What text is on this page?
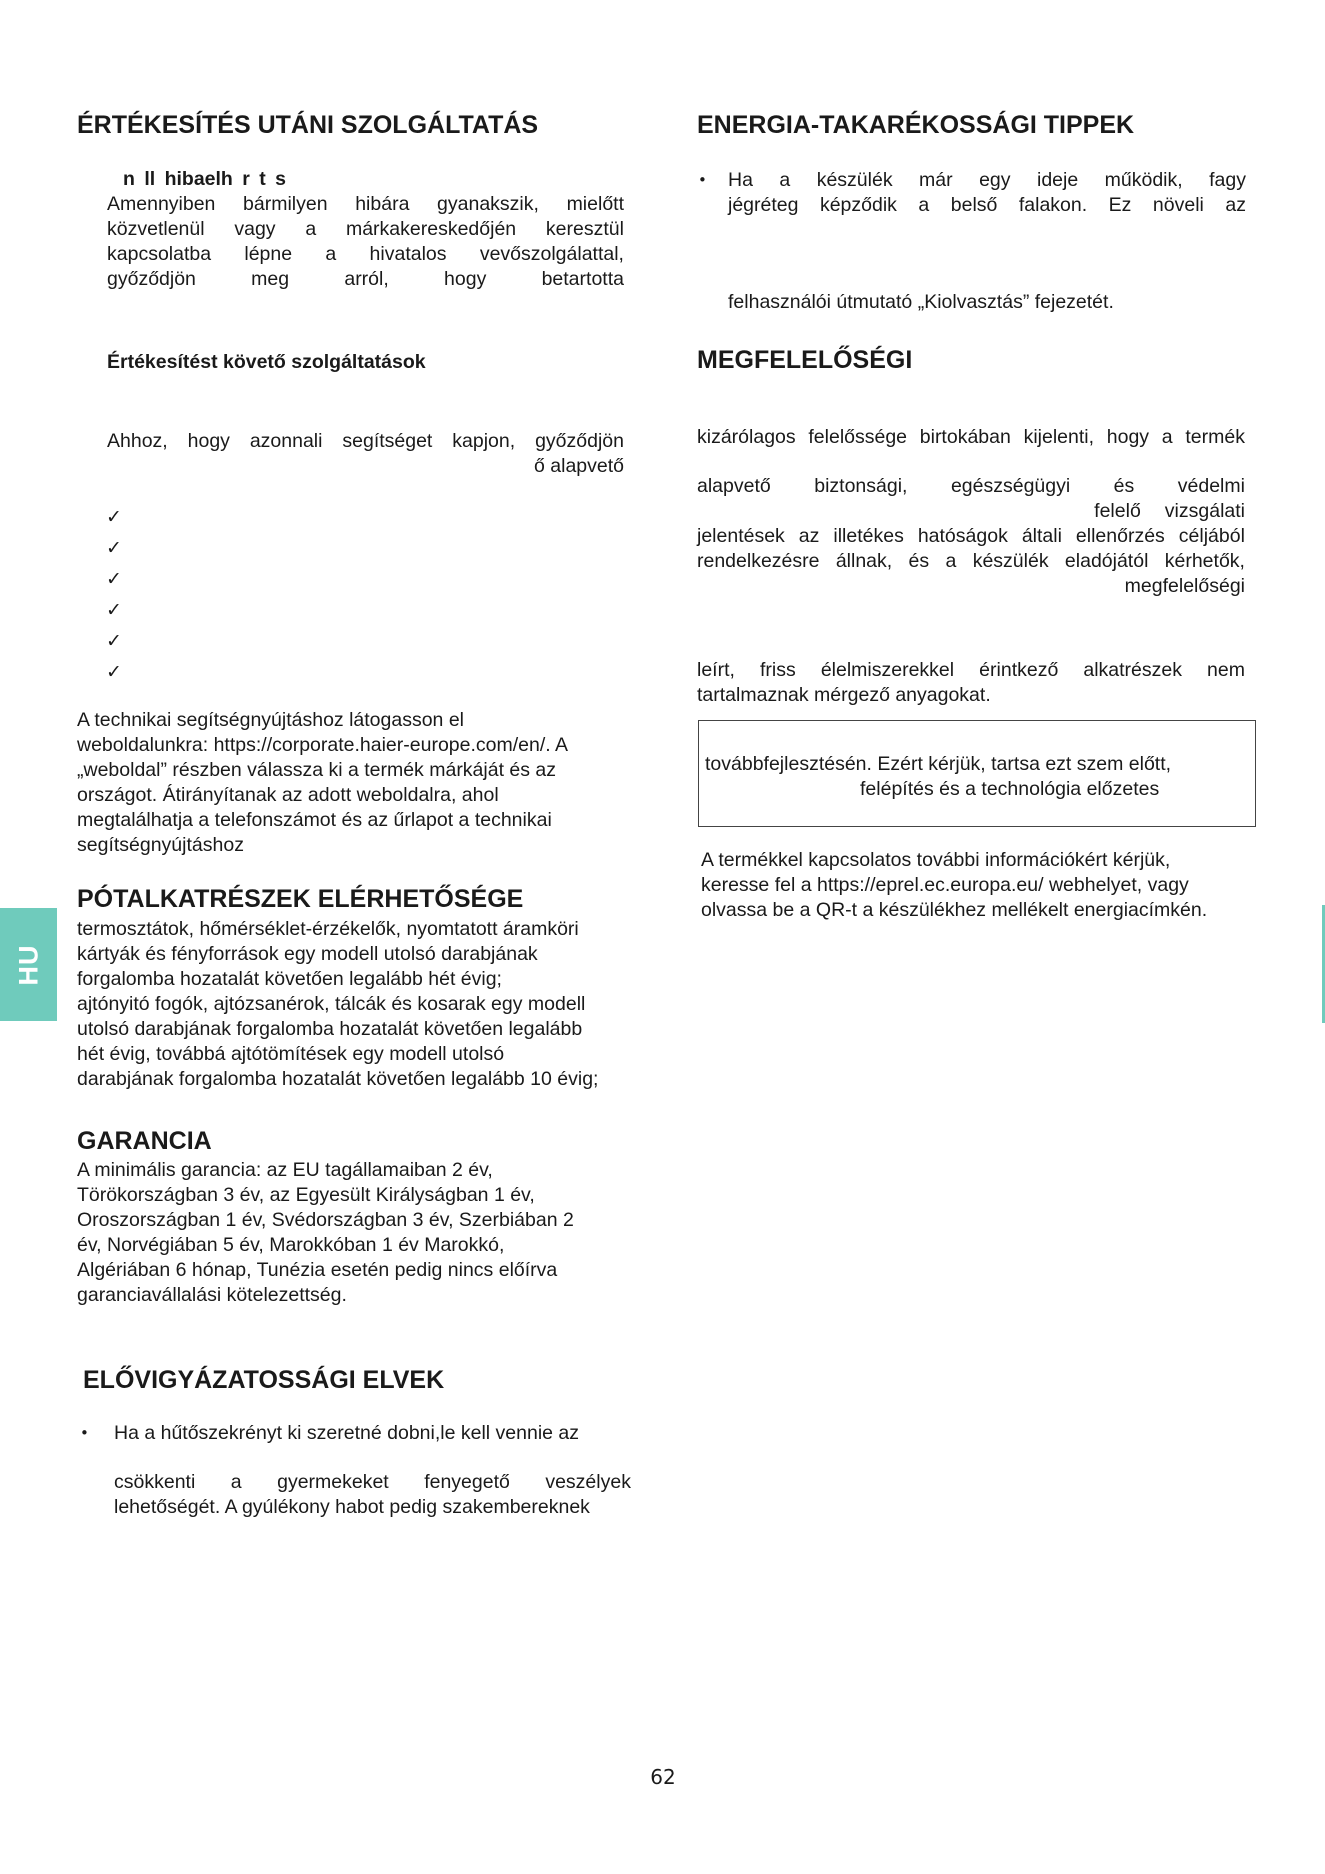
HU
ÉRTÉKESÍTÉS UTÁNI SZOLGÁLTATÁS
n ll hibaelh r t s
Amennyiben bármilyen hibára gyanakszik, mielőtt
közvetlenül vagy a márkakereskedőjén keresztül
kapcsolatba lépne a hivatalos vevőszolgálattal,
győződjön	meg	arról,	hogy	betartotta
Értékesítést követő szolgáltatások
Ahhoz, hogy azonnali segítséget kapjon, győződjön
ő alapvető
✓
✓
✓
✓
✓
✓
A technikai segítségnyújtáshoz látogasson el
weboldalunkra: https://corporate.haier-europe.com/en/. A
„weboldal” részben válassza ki a termék márkáját és az
országot. Átirányítanak az adott weboldalra, ahol
megtalálhatja a telefonszámot és az űrlapot a technikai
segítségnyújtáshoz
PÓTALKATRÉSZEK ELÉRHETŐSÉGE
termosztátok, hőmérséklet-érzékelők, nyomtatott áramköri
kártyák és fényforrások egy modell utolsó darabjának
forgalomba hozatalát követően legalább hét évig;
ajtónyitó fogók, ajtózsanérok, tálcák és kosarak egy modell
utolsó darabjának forgalomba hozatalát követően legalább
hét évig, továbbá ajtótömítések egy modell utolsó
darabjának forgalomba hozatalát követően legalább 10 évig;
GARANCIA
A minimális garancia: az EU tagállamaiban 2 év,
Törökországban 3 év, az Egyesült Királyságban 1 év,
Oroszországban 1 év, Svédországban 3 év, Szerbiában 2
év, Norvégiában 5 év, Marokkóban 1 év Marokkó,
Algériában 6 hónap, Tunézia esetén pedig nincs előírva
garanciavállalási kötelezettség.
ELŐVIGYÁZATOSSÁGI ELVEK
• Ha a hűtőszekrényt ki szeretné dobni,le kell vennie az
csökkenti a gyermekeket fenyegető veszélyek
lehetőségét. A gyúlékony habot pedig szakembereknek
ENERGIA-TAKARÉKOSSÁGI TIPPEK
• Ha a készülék már egy ideje működik, fagy
jégréteg képződik a belső falakon. Ez növeli az
felhasználói útmutató „Kiolvasztás” fejezetét.
MEGFELELŐSÉGI
kizárólagos felelőssége birtokában kijelenti, hogy a termék
alapvető biztonsági, egészségügyi és védelmi
felelő vizsgálati
jelentések az illetékes hatóságok általi ellenőrzés céljából
rendelkezésre állnak, és a készülék eladójától kérhetők,
megfelelőségi
leírt, friss élelmiszerekkel érintkező alkatrészek nem
tartalmaznak mérgező anyagokat.
továbbfejlesztésén. Ezért kérjük, tartsa ezt szem előtt,
felépítés és a technológia előzetes
A termékkel kapcsolatos további információkért kérjük,
keresse fel a https://eprel.ec.europa.eu/ webhelyet, vagy
olvassa be a QR-t a készülékhez mellékelt energiacímkén.
62
